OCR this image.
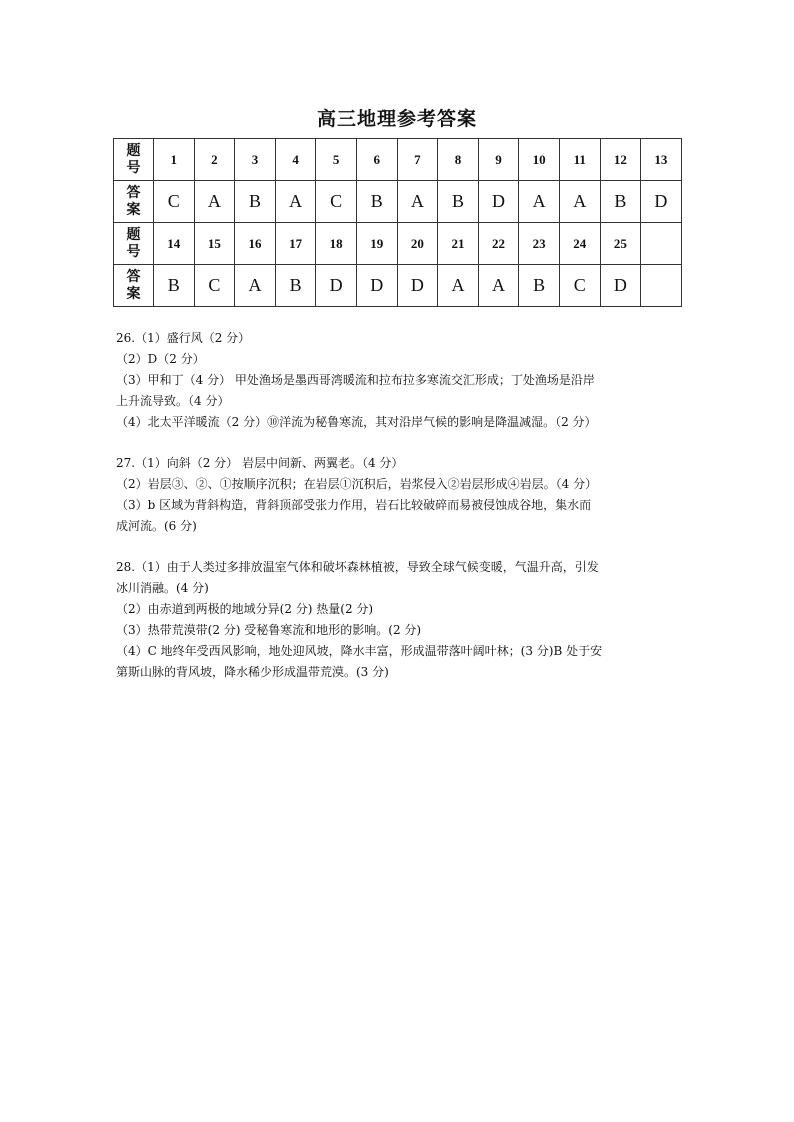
高三地理参考答案
题
号	1	2	3	4	5	6	7	8	9	10	11	12	13

答
案	C	A	B	A	C	B	A	B	D	A	A	B	D

题
号	14	15	16	17	18	19	20	21	22	23	24	25	

答
案	B	C	A	B	D	D	D	A	A	B	C	D	
26.（1）盛行风（2 分）
（2）D（2 分）
（3）甲和丁（4 分） 甲处渔场是墨西哥湾暖流和拉布拉多寒流交汇形成；丁处渔场是沿岸
上升流导致。（4 分）
（4）北太平洋暖流（2 分）⑩洋流为秘鲁寒流，其对沿岸气候的影响是降温减湿。（2 分）
27.（1）向斜（2 分） 岩层中间新、两翼老。（4 分）
（2）岩层③、②、①按顺序沉积；在岩层①沉积后，岩浆侵入②岩层形成④岩层。（4 分）
（3）b 区域为背斜构造，背斜顶部受张力作用，岩石比较破碎而易被侵蚀成谷地，集水而
成河流。(6 分)
28.（1）由于人类过多排放温室气体和破坏森林植被，导致全球气候变暖，气温升高，引发
冰川消融。(4 分)
（2）由赤道到两极的地域分异(2 分) 热量(2 分)
（3）热带荒漠带(2 分) 受秘鲁寒流和地形的影响。(2 分)
（4）C 地终年受西风影响，地处迎风坡，降水丰富，形成温带落叶阔叶林；(3 分)B 处于安
第斯山脉的背风坡，降水稀少形成温带荒漠。(3 分)
